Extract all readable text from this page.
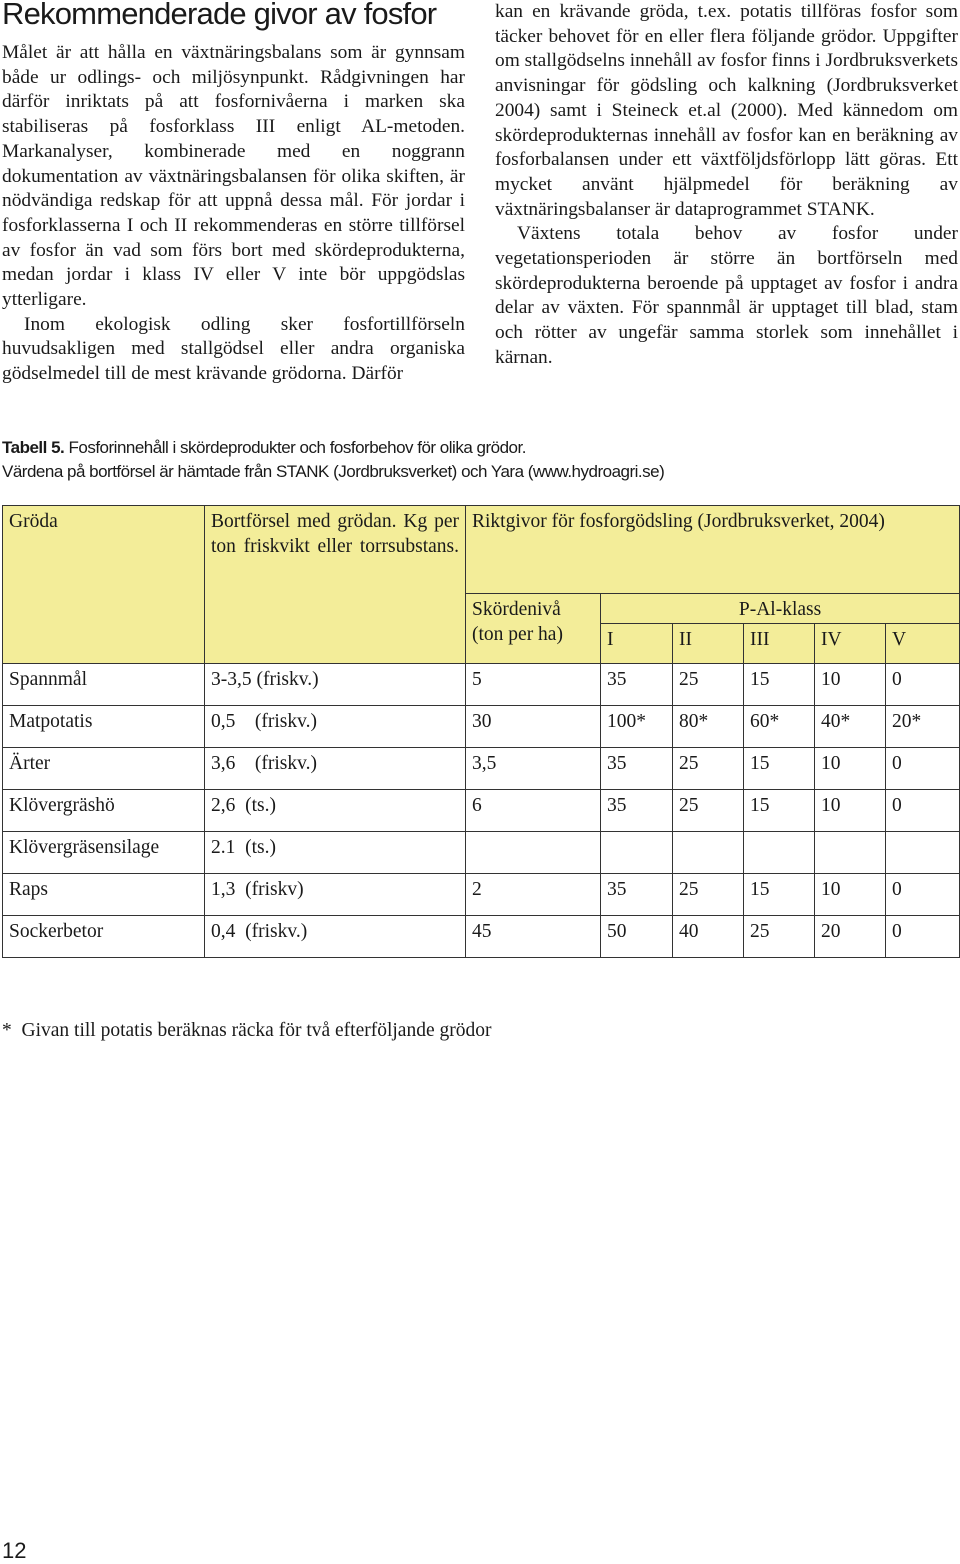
Rekommenderade givor av fosfor

Målet är att hålla en växtnäringsbalans som är gynnsam både ur odlings- och miljösynpunkt. Rådgivningen har därför inriktats på att fosfornivåerna i marken ska stabiliseras på fosforklass III enligt AL-metoden. Markanalyser, kombinerade med en noggrann dokumentation av växtnäringsbalansen för olika skiften, är nödvändiga redskap för att uppnå dessa mål. För jordar i fosforklasserna I och II rekommenderas en större tillförsel av fosfor än vad som förs bort med skördeprodukterna, medan jordar i klass IV eller V inte bör uppgödslas ytterligare.

Inom ekologisk odling sker fosfortillförseln huvudsakligen med stallgödsel eller andra organiska gödselmedel till de mest krävande grödorna. Därför

kan en krävande gröda, t.ex. potatis tillföras fosfor som täcker behovet för en eller flera följande grödor. Uppgifter om stallgödselns innehåll av fosfor finns i Jordbruksverkets anvisningar för gödsling och kalkning (Jordbruksverket 2004) samt i Steineck et.al (2000). Med kännedom om skördeprodukternas innehåll av fosfor kan en beräkning av fosforbalansen under ett växtföljdsförlopp lätt göras. Ett mycket använt hjälpmedel för beräkning av växtnäringsbalanser är dataprogrammet STANK.

Växtens totala behov av fosfor under vegetationsperioden är större än bortförseln med skördeprodukterna beroende på upptaget av fosfor i andra delar av växten. För spannmål är upptaget till blad, stam och rötter av ungefär samma storlek som innehållet i kärnan.

Tabell 5. Fosforinnehåll i skördeprodukter och fosforbehov för olika grödor.
Värdena på bortförsel är hämtade från STANK (Jordbruksverket) och Yara (www.hydroagri.se)
Gröda	Bortförsel med grödan. Kg per ton friskvikt eller torrsubstans.	Riktgivor för fosforgödsling (Jordbruksverket, 2004)					
		Skördenivå (ton per ha)	P-Al-klass				
			I	II	III	IV	V
Spannmål	3-3,5 (friskv.)	5	35	25	15	10	0
Matpotatis	0,5    (friskv.)	30	100*	80*	60*	40*	20*
Ärter	3,6    (friskv.)	3,5	35	25	15	10	0
Klövergräshö	2,6  (ts.)	6	35	25	15	10	0
Klövergräsensilage	2.1  (ts.)						
Raps	1,3  (friskv)	2	35	25	15	10	0
Sockerbetor	0,4  (friskv.)	45	50	40	25	20	0
*  Givan till potatis beräknas räcka för två efterföljande grödor
12
